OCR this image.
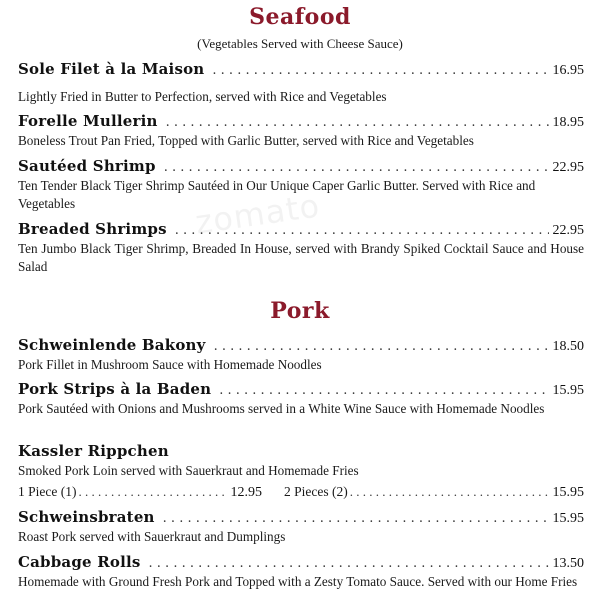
zomato
Seafood
(Vegetables Served with Cheese Sauce)
Sole Filet à la Maison . . .	16.95
Lightly Fried in Butter to Perfection, served with Rice and Vegetables
Forelle Mullerin . . .	18.95
Boneless Trout Pan Fried, Topped with Garlic Butter, served with Rice and Vegetables
Sautéed Shrimp . . .	22.95
Ten Tender Black Tiger Shrimp Sautéed in Our Unique Caper Garlic Butter. Served with Rice and Vegetables
Breaded Shrimps . . .	22.95
Ten Jumbo Black Tiger Shrimp, Breaded In House, served with Brandy Spiked Cocktail Sauce and House Salad
Pork
Schweinlende Bakony . . .	18.50
Pork Fillet in Mushroom Sauce with Homemade Noodles
Pork Strips à la Baden . . .	15.95
Pork Sautéed with Onions and Mushrooms served in a White Wine Sauce with Homemade Noodles
Kassler Rippchen
Smoked Pork Loin served with Sauerkraut and Homemade Fries
1 Piece (1) . . .	12.95 2 Pieces (2) . . .	15.95
Schweinsbraten . . .	15.95
Roast Pork served with Sauerkraut and Dumplings
Cabbage Rolls . . .	13.50
Homemade with Ground Fresh Pork and Topped with a Zesty Tomato Sauce. Served with our Home Fries
